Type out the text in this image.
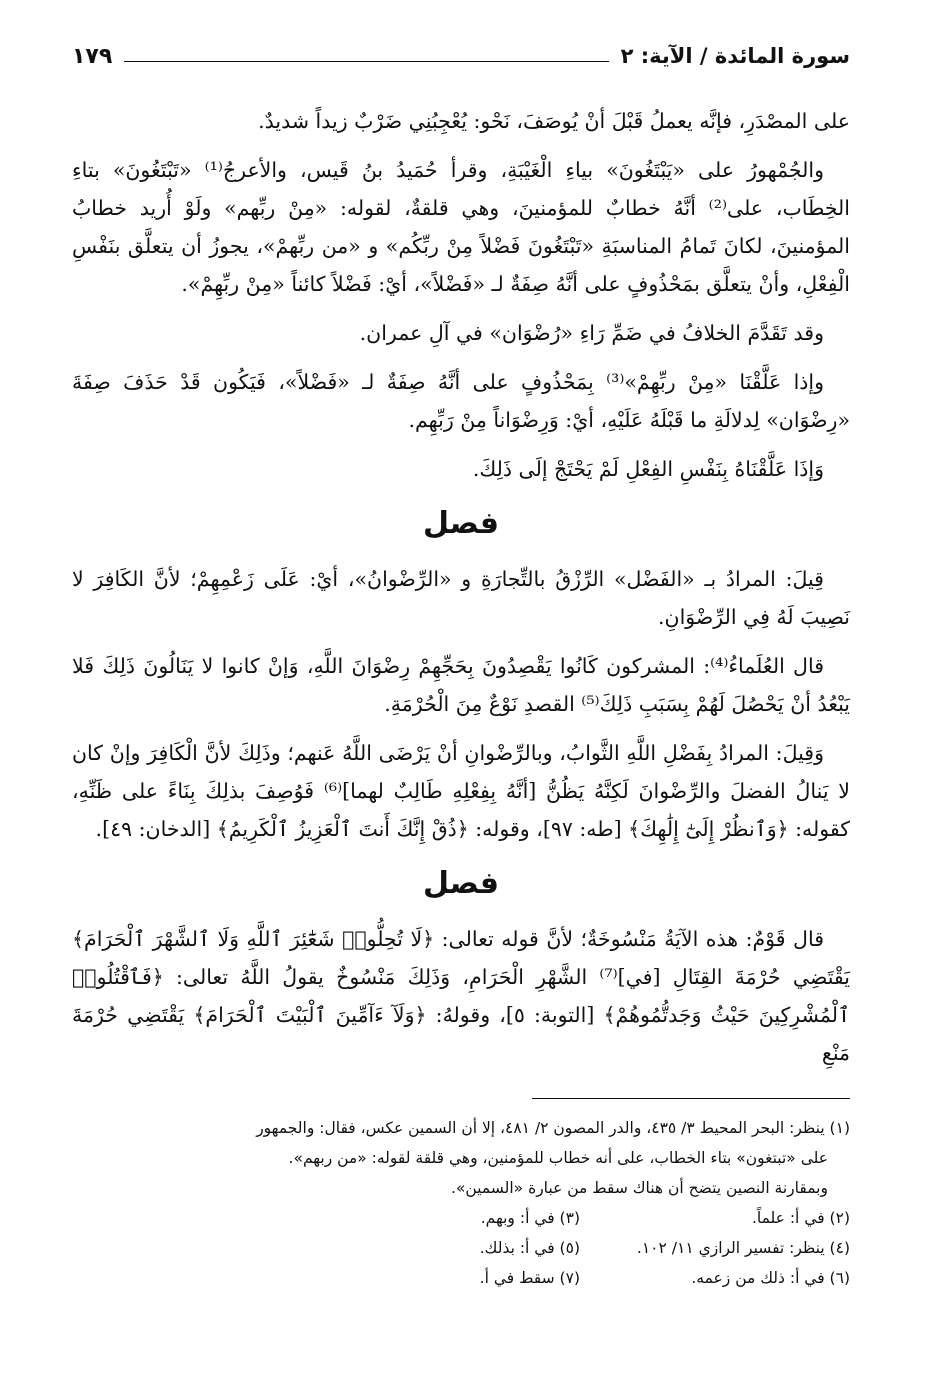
سورة المائدة / الآية: ٢
١٧٩

على المصْدَرِ، فإنَّه يعملُ قَبْلَ أنْ يُوصَفَ، نَحْو: يُعْجِبُنِي ضَرْبٌ زيداً شديدٌ.

والجُمْهورُ على «يَبْتَغُونَ» بياءِ الْغَيْبَةِ، وقرأ حُمَيدُ بنُ قَيس، والأعرجُ⁽¹⁾ «تَبْتَغُونَ» بتاءِ الخِطَاب، على⁽²⁾ أنَّهُ خطابٌ للمؤمنينَ، وهي قلقةٌ، لقوله: «مِنْ ربِّهم» ولَوْ أُريد خطابُ المؤمنينَ، لكانَ تَمامُ المناسبَةِ «تَبْتَغُونَ فَضْلاً مِنْ ربِّكُم» و «من ربِّهمْ»، يجوزُ أن يتعلَّق بنَفْسِ الْفِعْلِ، وأنْ يتعلَّق بمَحْذُوفٍ على أنَّهُ صِفَةٌ لـ «فَضْلاً»، أيْ: فَضْلاً كائناً «مِنْ ربِّهِمْ».

وقد تَقَدَّمَ الخلافُ في ضَمِّ رَاءِ «رُضْوَان» في آلِ عمران.

وإذا عَلَّقْنَا «مِنْ ربِّهِمْ»⁽³⁾ بِمَحْذُوفٍ على أنَّهُ صِفَةٌ لـ «فَضْلاً»، فَيَكُون قَدْ حَذَفَ صِفَةَ «رِضْوَان» لِدلالَةِ ما قَبْلَهُ عَلَيْهِ، أيْ: وَرِضْوَاناً مِنْ رَبِّهِم.

وَإذَا عَلَّقْنَاهُ بِنَفْسِ الفِعْلِ لَمْ يَحْتَجْ إلَى ذَلِكَ.

فصل

قِيلَ: المرادُ بـ «الفَضْل» الرِّزْقُ بالتِّجارَةِ و «الرِّضْوانُ»، أيْ: عَلَى زَعْمِهِمْ؛ لأنَّ الكَافِرَ لا نَصِيبَ لَهُ فِي الرِّضْوَانِ.

قال العُلَماءُ⁽⁴⁾: المشركون كَانُوا يَقْصِدُونَ بِحَجِّهِمْ رِضْوَانَ اللَّهِ، وَإنْ كانوا لا يَنَالُونَ ذَلِكَ فَلا يَبْعُدُ أنْ يَحْصُلَ لَهُمْ بِسَبَبِ ذَلِكَ⁽⁵⁾ القصدِ نَوْعٌ مِنَ الْحُرْمَةِ.

وَقِيلَ: المرادُ بِفَضْلِ اللَّهِ الثَّوابُ، وبالرِّضْوانِ أنْ يَرْضَى اللَّهُ عَنهم؛ وذَلِكَ لأنَّ الْكَافِرَ وإنْ كان لا يَنالُ الفضلَ والرِّضْوانَ لَكِنَّهُ يَظُنُّ [أنَّهُ بِفِعْلِهِ طَالِبٌ لهما]⁽⁶⁾ فَوُصِفَ بذلِكَ بِنَاءً على ظَنِّهِ، كقوله: ﴿وَٱنظُرْ إِلَىٰٓ إِلَٰهِكَ﴾ [طه: ٩٧]، وقوله: ﴿ذُقْ إِنَّكَ أَنتَ ٱلْعَزِيزُ ٱلْكَرِيمُ﴾ [الدخان: ٤٩].

فصل

قال قَوْمٌ: هذه الآيَةُ مَنْسُوخَةٌ؛ لأنَّ قوله تعالى: ﴿لَا تُحِلُّوا۟ شَعَٰٓئِرَ ٱللَّهِ وَلَا ٱلشَّهْرَ ٱلْحَرَامَ﴾ يَقْتَضِي حُرْمَةَ القِتَالِ [في]⁽⁷⁾ الشَّهْرِ الْحَرَامِ، وَذَلِكَ مَنْسُوخٌ يقولُ اللَّهُ تعالى: ﴿فَٱقْتُلُوا۟ ٱلْمُشْرِكِينَ حَيْثُ وَجَدتُّمُوهُمْ﴾ [التوبة: ٥]، وقولهُ: ﴿وَلَآ ءَآمِّينَ ٱلْبَيْتَ ٱلْحَرَامَ﴾ يَقْتَضِي حُرْمَةَ مَنْعِ

(١) ينظر: البحر المحيط ٣/ ٤٣٥، والدر المصون ٢/ ٤٨١، إلا أن السمين عكس، فقال: والجمهور

على «تبتغون» بتاء الخطاب، على أنه خطاب للمؤمنين، وهي قلقة لقوله: «من ربهم».

وبمقارنة النصين يتضح أن هناك سقط من عبارة «السمين».

(٢) في أ: علماً.
(٣) في أ: وبهم.
(٤) ينظر: تفسير الرازي ١١/ ١٠٢.
(٥) في أ: بذلك.
(٦) في أ: ذلك من زعمه.
(٧) سقط في أ.
